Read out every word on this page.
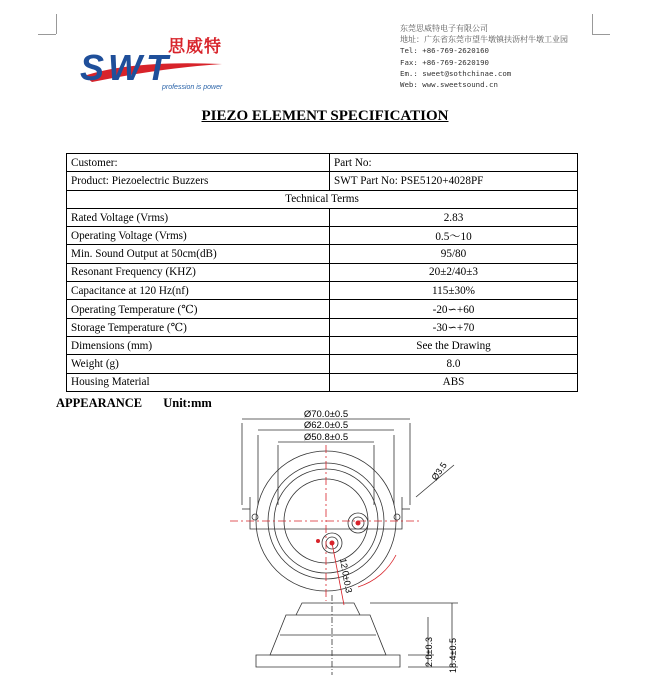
思威特
SWT
profession is power
东莞思威特电子有限公司
地址：广东省东莞市望牛墩镇扶沥村牛墩工业园
Tel: +86-769-2620160
Fax: +86-769-2620190
Em.: sweet@sothchinae.com
Web: www.sweetsound.cn
PIEZO ELEMENT SPECIFICATION
Customer:	Part No:
Product: Piezoelectric Buzzers	SWT Part No: PSE5120+4028PF
Technical Terms	
Rated Voltage (Vrms)	2.83
Operating Voltage (Vrms)	0.5～10
Min. Sound Output at 50cm(dB)	95/80
Resonant Frequency (KHZ)	20±2/40±3
Capacitance at 120 Hz(nf)	115±30%
Operating Temperature (℃)	-20∽+60
Storage Temperature (℃)	-30∽+70
Dimensions (mm)	See the Drawing
Weight (g)	8.0
Housing Material	ABS
APPEARANCE Unit:mm
Ø70.0±0.5
Ø62.0±0.5
Ø50.8±0.5
Ø3.5
12.0±0.3
2.0±0.3 18.4±0.5
